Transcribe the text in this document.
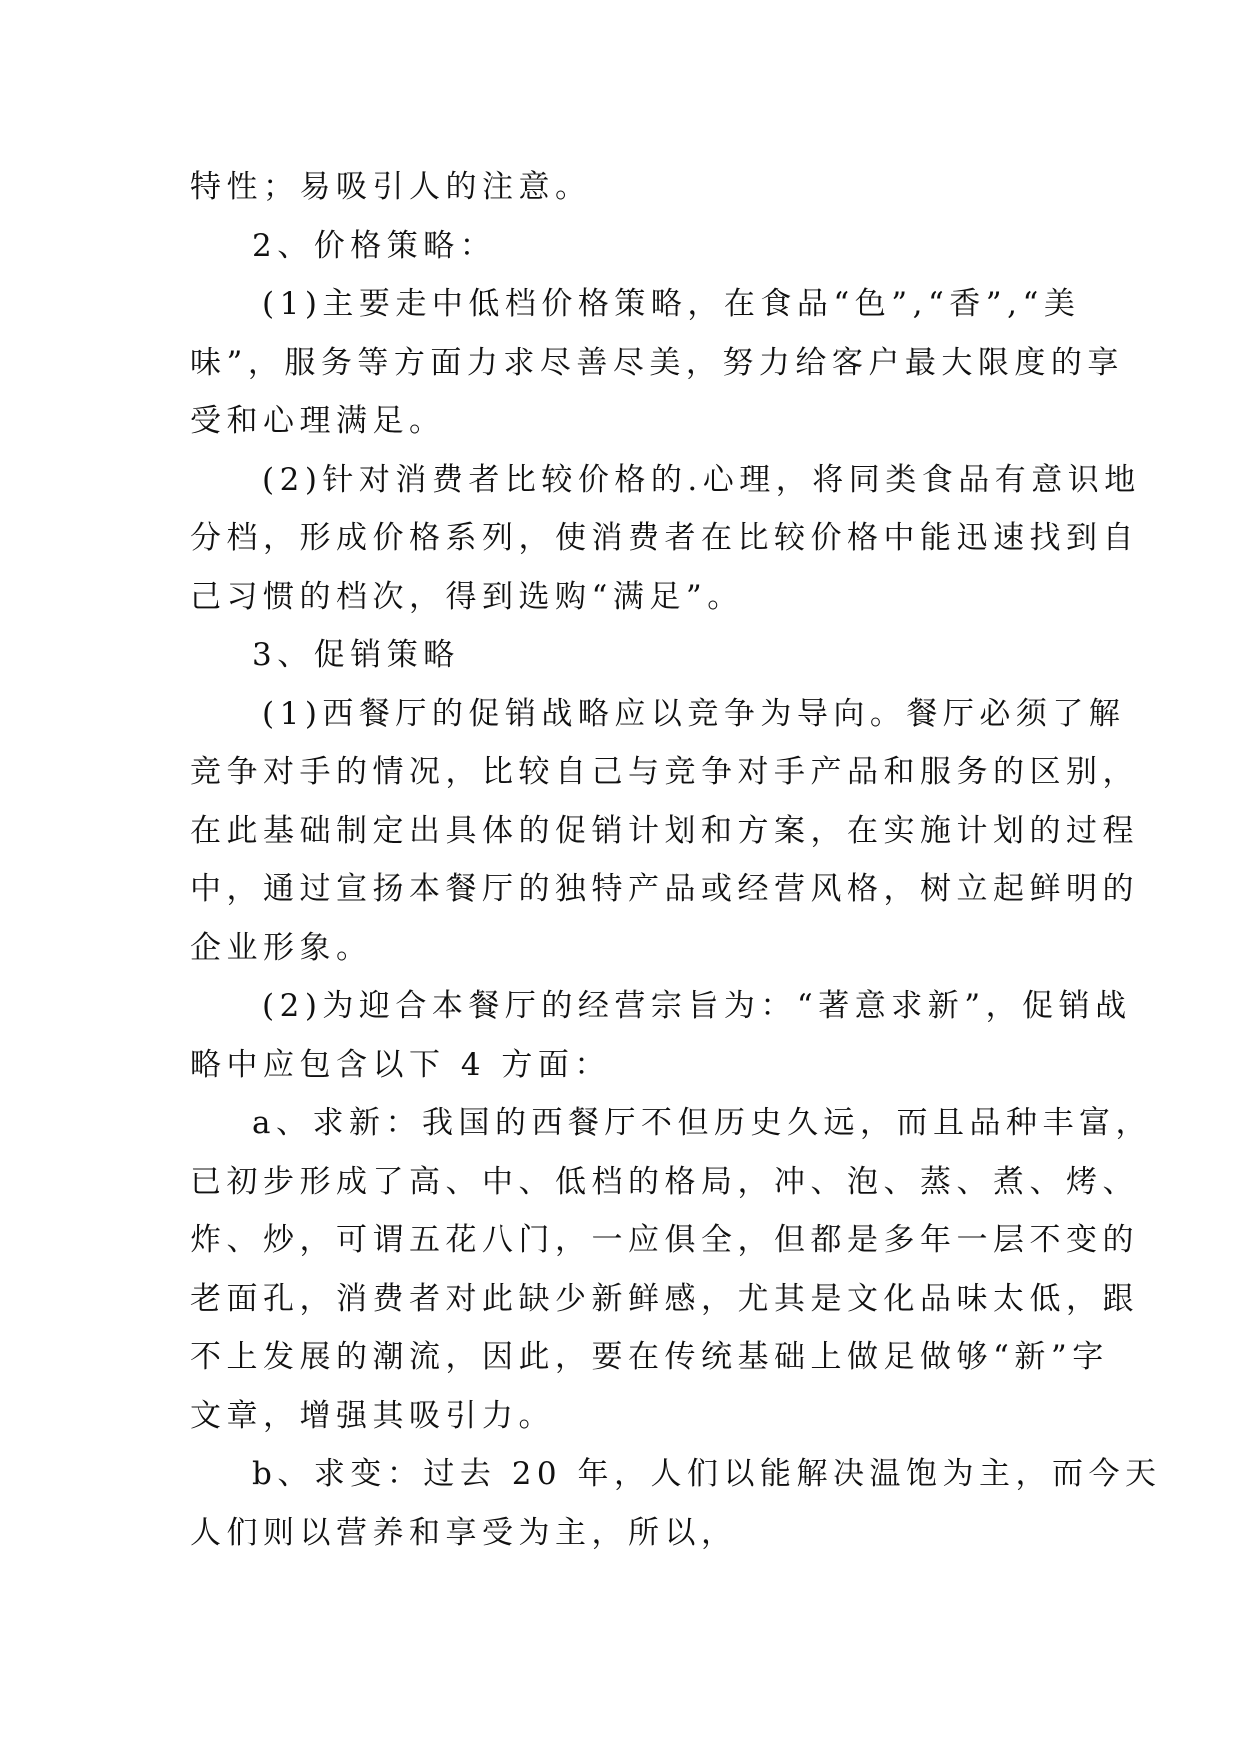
特性；易吸引人的注意。

2、价格策略：

(1)主要走中低档价格策略，在食品“色”,“香”,“美

味”，服务等方面力求尽善尽美，努力给客户最大限度的享

受和心理满足。

(2)针对消费者比较价格的.心理，将同类食品有意识地

分档，形成价格系列，使消费者在比较价格中能迅速找到自

己习惯的档次，得到选购“满足”。

3、促销策略

(1)西餐厅的促销战略应以竞争为导向。餐厅必须了解

竞争对手的情况，比较自己与竞争对手产品和服务的区别，

在此基础制定出具体的促销计划和方案，在实施计划的过程

中，通过宣扬本餐厅的独特产品或经营风格，树立起鲜明的

企业形象。

(2)为迎合本餐厅的经营宗旨为：“著意求新”，促销战

略中应包含以下 4 方面：

a、求新：我国的西餐厅不但历史久远，而且品种丰富，

已初步形成了高、中、低档的格局，冲、泡、蒸、煮、烤、

炸、炒，可谓五花八门，一应俱全，但都是多年一层不变的

老面孔，消费者对此缺少新鲜感，尤其是文化品味太低，跟

不上发展的潮流，因此，要在传统基础上做足做够“新”字

文章，增强其吸引力。

b、求变：过去 20 年，人们以能解决温饱为主，而今天

人们则以营养和享受为主，所以，
